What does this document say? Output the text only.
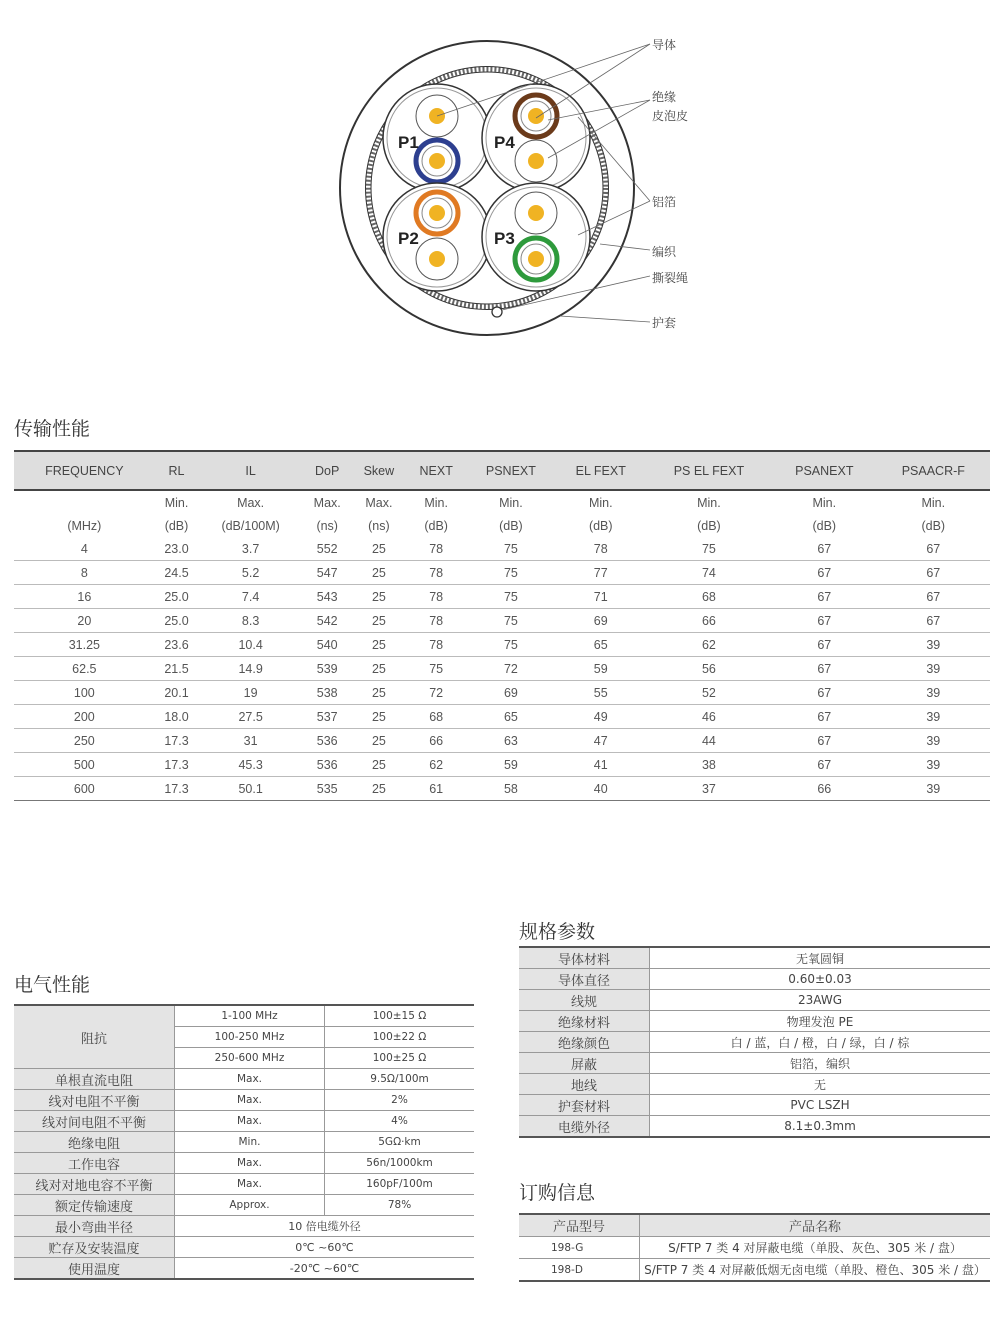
P1	P4
P2	P3
导体
绝缘
皮泡皮
铝箔
编织
撕裂绳
护套
传输性能
FREQUENCY	RL	IL	DoP	Skew	NEXT	PSNEXT	EL FEXT	PS EL FEXT	PSANEXT	PSAACR-F
	Min.	Max.	Max.	Max.	Min.	Min.	Min.	Min.	Min.	Min.
(MHz)	(dB)	(dB/100M)	(ns)	(ns)	(dB)	(dB)	(dB)	(dB)	(dB)	(dB)
4	23.0	3.7	552	25	78	75	78	75	67	67
8	24.5	5.2	547	25	78	75	77	74	67	67
16	25.0	7.4	543	25	78	75	71	68	67	67
20	25.0	8.3	542	25	78	75	69	66	67	67
31.25	23.6	10.4	540	25	78	75	65	62	67	39
62.5	21.5	14.9	539	25	75	72	59	56	67	39
100	20.1	19	538	25	72	69	55	52	67	39
200	18.0	27.5	537	25	68	65	49	46	67	39
250	17.3	31	536	25	66	63	47	44	67	39
500	17.3	45.3	536	25	62	59	41	38	67	39
600	17.3	50.1	535	25	61	58	40	37	66	39
电气性能
阻抗	1-100 MHz	100±15 Ω
	100-250 MHz	100±22 Ω
	250-600 MHz	100±25 Ω
单根直流电阻	Max.	9.5Ω/100m
线对电阻不平衡	Max.	2%
线对间电阻不平衡	Max.	4%
绝缘电阻	Min.	5GΩ·km
工作电容	Max.	56n/1000km
线对对地电容不平衡	Max.	160pF/100m
额定传输速度	Approx.	78%
最小弯曲半径	10 倍电缆外径	
贮存及安装温度	0℃ ~60℃	
使用温度	-20℃ ~60℃	
规格参数
导体材料	无氧圆铜
导体直径	0.60±0.03
线规	23AWG
绝缘材料	物理发泡 PE
绝缘颜色	白 / 蓝，白 / 橙，白 / 绿，白 / 棕
屏蔽	铝箔，编织
地线	无
护套材料	PVC LSZH
电缆外径	8.1±0.3mm
订购信息
产品型号	产品名称
198-G	S/FTP 7 类 4 对屏蔽电缆（单股、灰色、305 米 / 盘）
198-D	S/FTP 7 类 4 对屏蔽低烟无卤电缆（单股、橙色、305 米 / 盘）
